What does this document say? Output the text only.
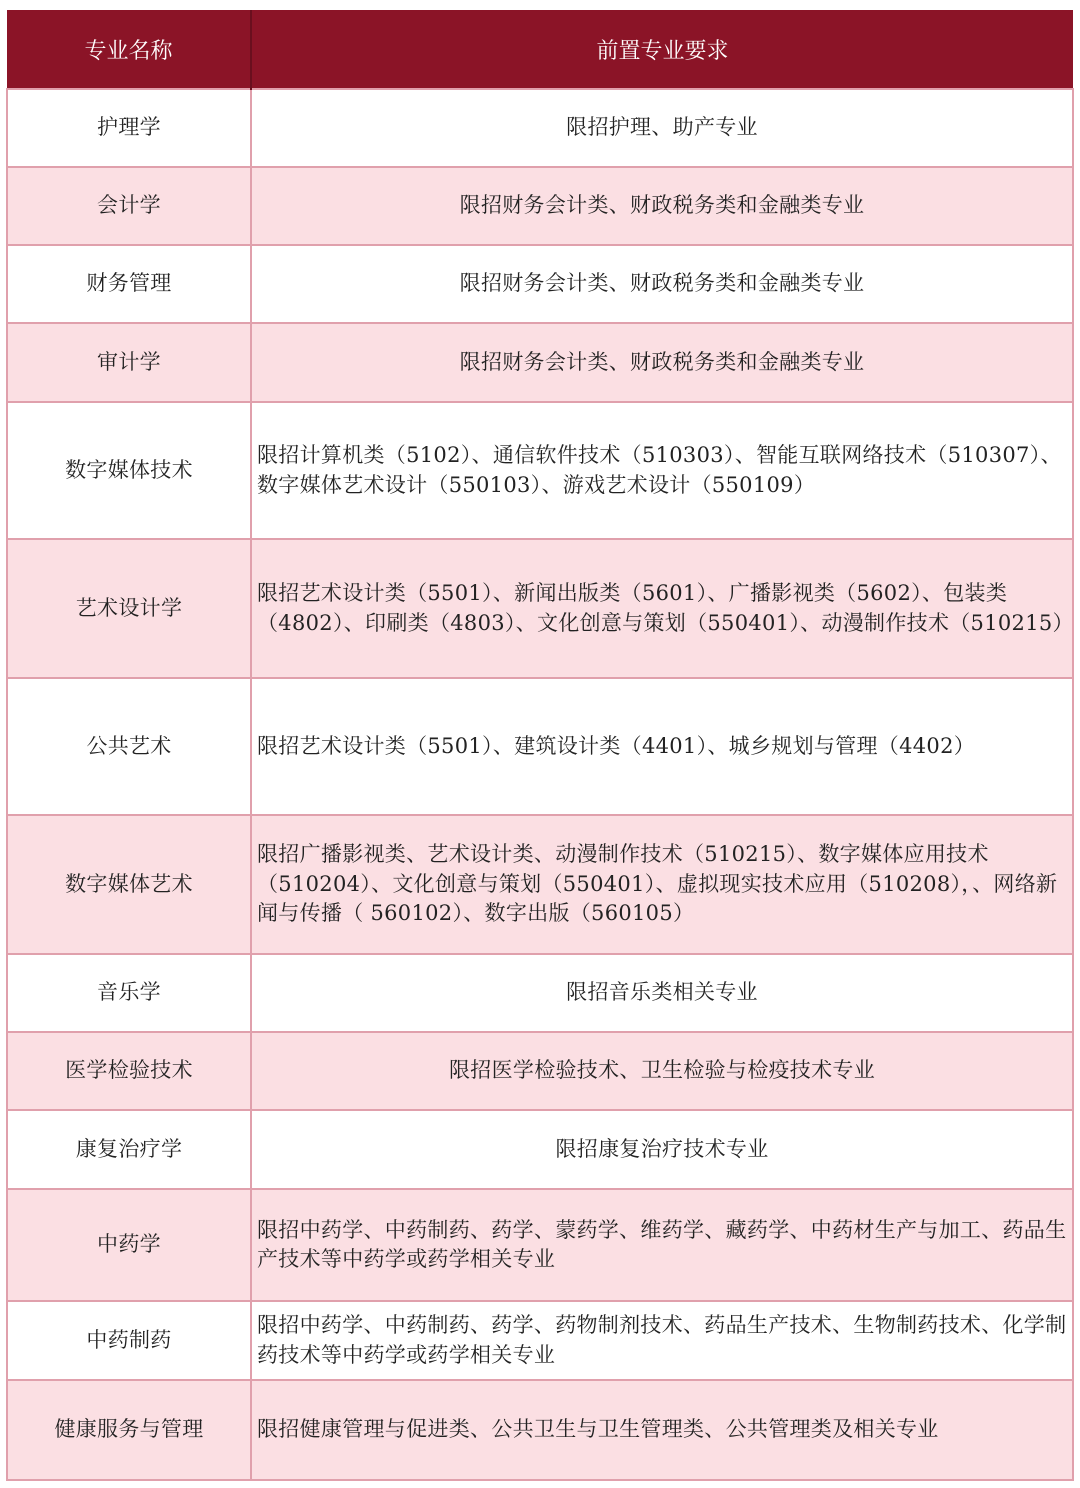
专业名称	前置专业要求
护理学	限招护理、助产专业
会计学	限招财务会计类、财政税务类和金融类专业
财务管理	限招财务会计类、财政税务类和金融类专业
审计学	限招财务会计类、财政税务类和金融类专业
数字媒体技术	限招计算机类（5102）、通信软件技术（510303）、智能互联网络技术（510307）、数字媒体艺术设计（550103）、游戏艺术设计（550109）
艺术设计学	限招艺术设计类（5501）、新闻出版类（5601）、广播影视类（5602）、包装类（4802）、印刷类（4803）、文化创意与策划（550401）、动漫制作技术（510215）
公共艺术	限招艺术设计类（5501）、建筑设计类（4401）、城乡规划与管理（4402）
数字媒体艺术	限招广播影视类、艺术设计类、动漫制作技术（510215）、数字媒体应用技术（510204）、文化创意与策划（550401）、虚拟现实技术应用（510208），、网络新闻与传播（ 560102）、数字出版（560105）
音乐学	限招音乐类相关专业
医学检验技术	限招医学检验技术、卫生检验与检疫技术专业
康复治疗学	限招康复治疗技术专业
中药学	限招中药学、中药制药、药学、蒙药学、维药学、藏药学、中药材生产与加工、药品生产技术等中药学或药学相关专业
中药制药	限招中药学、中药制药、药学、药物制剂技术、药品生产技术、生物制药技术、化学制药技术等中药学或药学相关专业
健康服务与管理	限招健康管理与促进类、公共卫生与卫生管理类、公共管理类及相关专业
